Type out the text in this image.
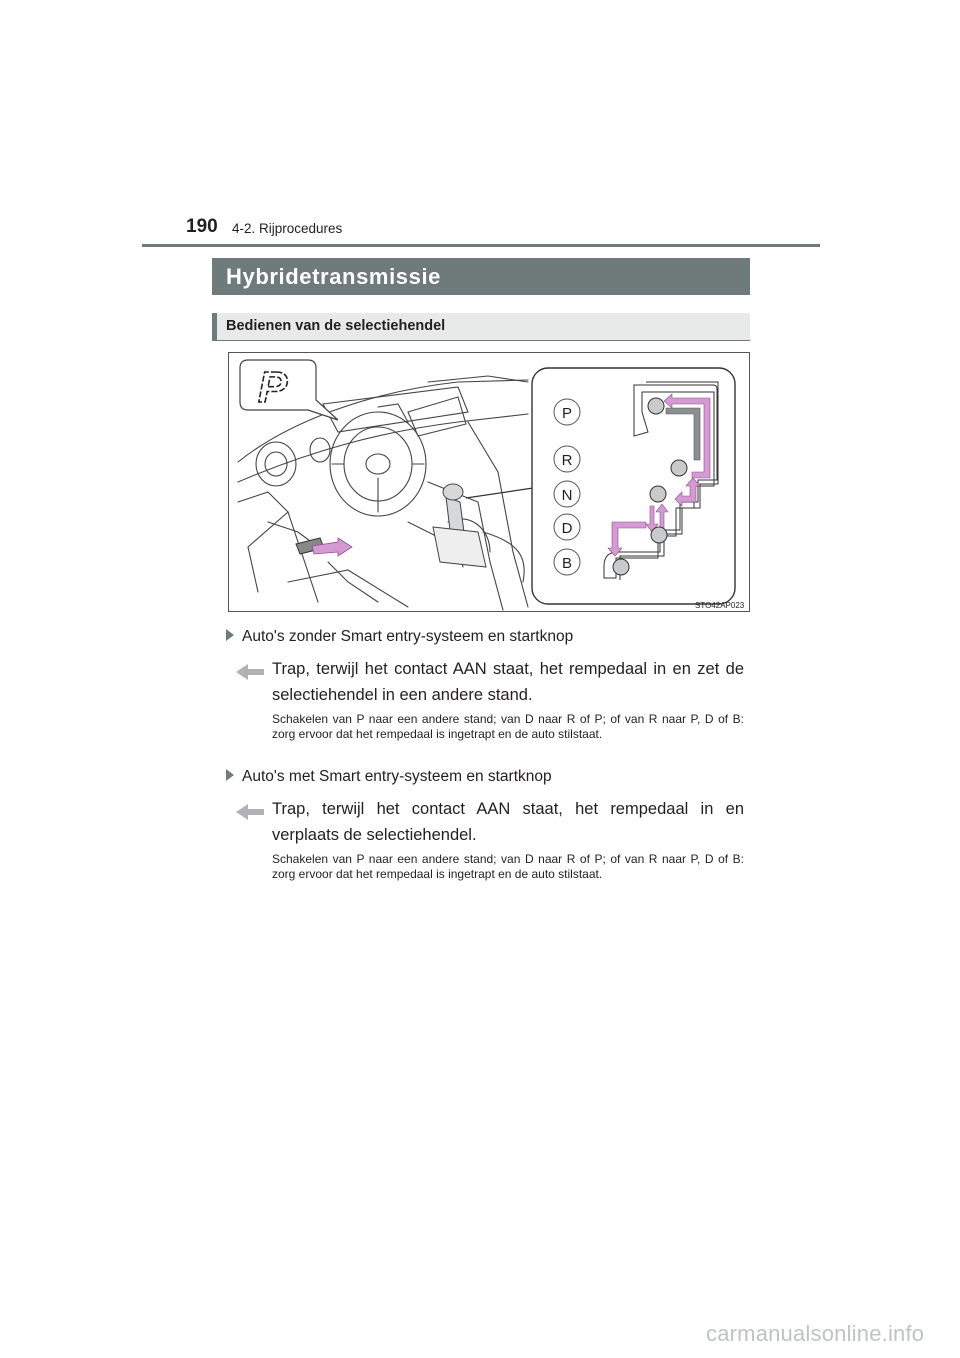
190 4-2. Rijprocedures
Hybridetransmissie
Bedienen van de selectiehendel
P
P
R
N
D
B
STO42AP023
Auto's zonder Smart entry-systeem en startknop
Trap, terwijl het contact AAN staat, het rempedaal in en zet de selectiehendel in een andere stand.
Schakelen van P naar een andere stand; van D naar R of P; of van R naar P, D of B: zorg ervoor dat het rempedaal is ingetrapt en de auto stilstaat.
Auto's met Smart entry-systeem en startknop
Trap, terwijl het contact AAN staat, het rempedaal in en verplaats de selectiehendel.
Schakelen van P naar een andere stand; van D naar R of P; of van R naar P, D of B: zorg ervoor dat het rempedaal is ingetrapt en de auto stilstaat.
carmanualsonline.info
